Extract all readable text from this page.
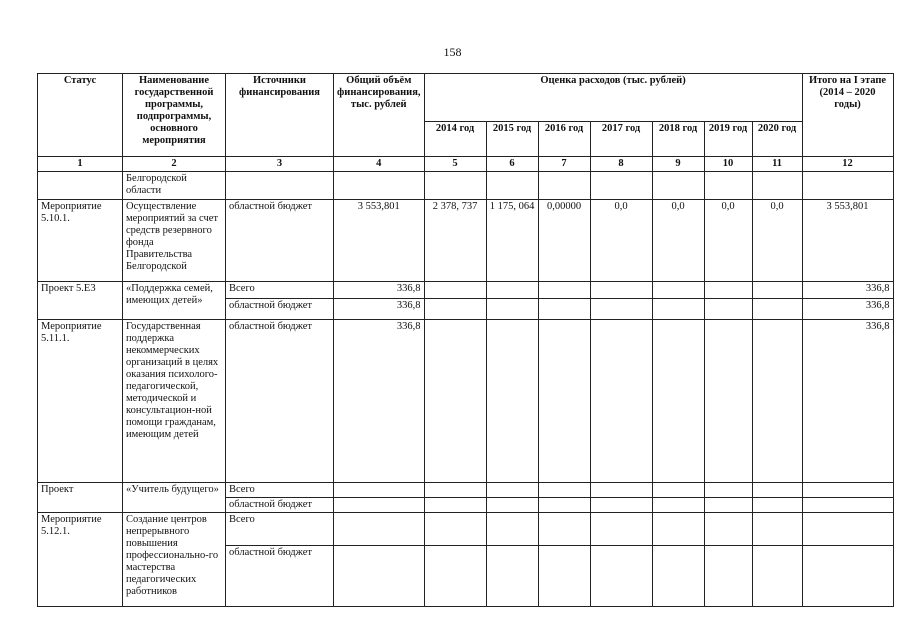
158
Статус	Наименование государственной программы, подпрограммы, основного мероприятия	Источники финансирования	Общий объём финансирования, тыс. рублей	Оценка расходов (тыс. рублей)							Итого на I этапе (2014 – 2020 годы)
				2014 год	2015 год	2016 год	2017 год	2018 год	2019 год	2020 год	
1	2	3	4	5	6	7	8	9	10	11	12
	Белгородской области										
Мероприятие 5.10.1.	Осуществление мероприятий за счет средств резервного фонда Правительства Белгородской	областной бюджет	3 553,801	2 378, 737	1 175, 064	0,00000	0,0	0,0	0,0	0,0	3 553,801
Проект 5.Е3	«Поддержка семей, имеющих детей»	Всего	336,8								336,8
		областной бюджет	336,8								336,8
Мероприятие 5.11.1.	Государственная поддержка некоммерческих организаций в целях оказания психолого-педагогической, методической и консультацион-ной помощи гражданам, имеющим детей	областной бюджет	336,8								336,8
Проект	«Учитель будущего»	Всего									
		областной бюджет									
Мероприятие 5.12.1.	Создание центров непрерывного повышения профессионально-го мастерства педагогических работников	Всего									
		областной бюджет									
